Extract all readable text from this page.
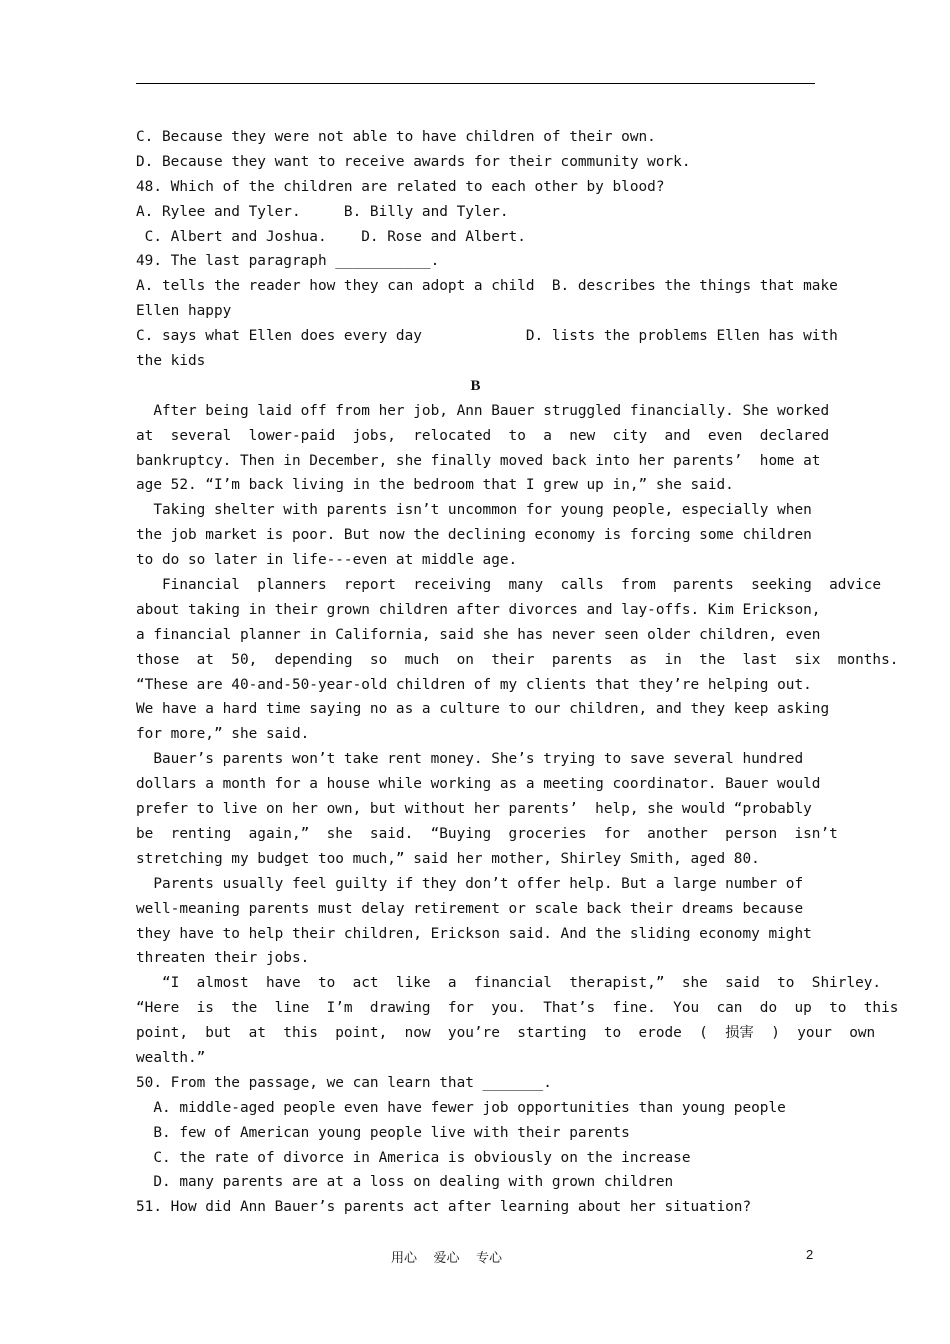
C. Because they were not able to have children of their own.
D. Because they want to receive awards for their community work.
48. Which of the children are related to each other by blood?
A. Rylee and Tyler.     B. Billy and Tyler.
C. Albert and Joshua.    D. Rose and Albert.
49. The last paragraph ___________.
A. tells the reader how they can adopt a child  B. describes the things that make
Ellen happy
C. says what Ellen does every day            D. lists the problems Ellen has with
the kids
B
After being laid off from her job, Ann Bauer struggled financially. She worked
at  several  lower-paid  jobs,  relocated  to  a  new  city  and  even  declared
bankruptcy. Then in December, she finally moved back into her parents’  home at
age 52. “I’m back living in the bedroom that I grew up in,” she said.
Taking shelter with parents isn’t uncommon for young people, especially when
the job market is poor. But now the declining economy is forcing some children
to do so later in life---even at middle age.
Financial  planners  report  receiving  many  calls  from  parents  seeking  advice
about taking in their grown children after divorces and lay-offs. Kim Erickson,
a financial planner in California, said she has never seen older children, even
those  at  50,  depending  so  much  on  their  parents  as  in  the  last  six  months.
“These are 40-and-50-year-old children of my clients that they’re helping out.
We have a hard time saying no as a culture to our children, and they keep asking
for more,” she said.
Bauer’s parents won’t take rent money. She’s trying to save several hundred
dollars a month for a house while working as a meeting coordinator. Bauer would
prefer to live on her own, but without her parents’  help, she would “probably
be  renting  again,”  she  said.  “Buying  groceries  for  another  person  isn’t
stretching my budget too much,” said her mother, Shirley Smith, aged 80.
Parents usually feel guilty if they don’t offer help. But a large number of
well-meaning parents must delay retirement or scale back their dreams because
they have to help their children, Erickson said. And the sliding economy might
threaten their jobs.
“I  almost  have  to  act  like  a  financial  therapist,”  she  said  to  Shirley.
“Here  is  the  line  I’m  drawing  for  you.  That’s  fine.  You  can  do  up  to  this
point,  but  at  this  point,  now  you’re  starting  to  erode  (  损害  )  your  own
wealth.”
50. From the passage, we can learn that _______.
A. middle-aged people even have fewer job opportunities than young people
B. few of American young people live with their parents
C. the rate of divorce in America is obviously on the increase
D. many parents are at a loss on dealing with grown children
51. How did Ann Bauer’s parents act after learning about her situation?
用心    爱心    专心	2
